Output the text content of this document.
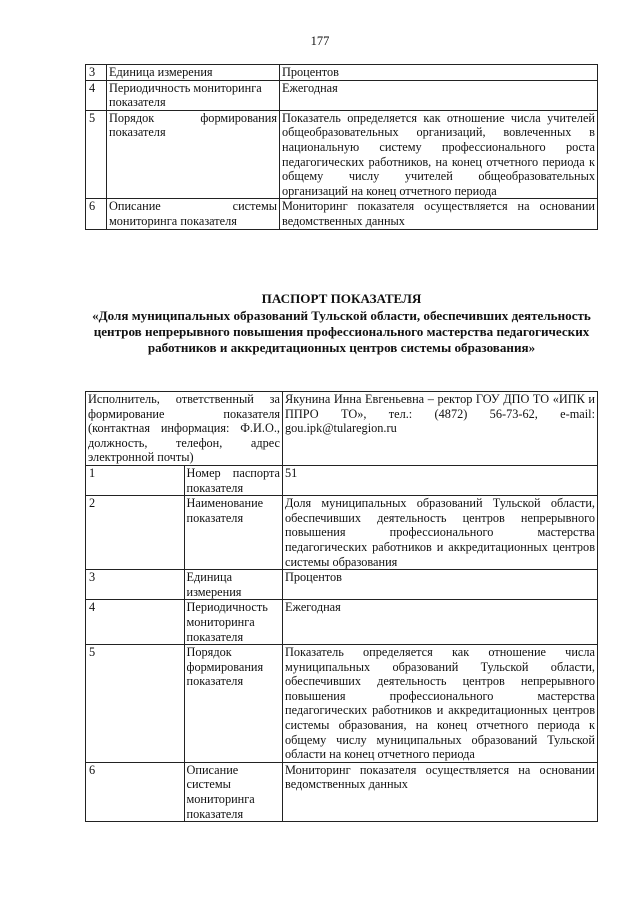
177
3	Единица измерения	Процентов
4	Периодичность мониторинга показателя	Ежегодная
5	Порядок формирования показателя	Показатель определяется как отношение числа учителей общеобразовательных организаций, вовлеченных в национальную систему профессионального роста педагогических работников, на конец отчетного периода к общему числу учителей общеобразовательных организаций на конец отчетного периода
6	Описание системы мониторинга показателя	Мониторинг показателя осуществляется на основании ведомственных данных
ПАСПОРТ ПОКАЗАТЕЛЯ
«Доля муниципальных образований Тульской области, обеспечивших деятельность центров непрерывного повышения профессионального мастерства педагогических работников и аккредитационных центров системы образования»
Исполнитель, ответственный за формирование показателя (контактная информация: Ф.И.О., должность, телефон, адрес электронной почты)		Якунина Инна Евгеньевна – ректор ГОУ ДПО ТО «ИПК и ППРО ТО», тел.: (4872) 56-73-62, e-mail: gou.ipk@tularegion.ru
1	Номер паспорта показателя	51
2	Наименование показателя	Доля муниципальных образований Тульской области, обеспечивших деятельность центров непрерывного повышения профессионального мастерства педагогических работников и аккредитационных центров системы образования
3	Единица измерения	Процентов
4	Периодичность мониторинга показателя	Ежегодная
5	Порядок формирования показателя	Показатель определяется как отношение числа муниципальных образований Тульской области, обеспечивших деятельность центров непрерывного повышения профессионального мастерства педагогических работников и аккредитационных центров системы образования, на конец отчетного периода к общему числу муниципальных образований Тульской области на конец отчетного периода
6	Описание системы мониторинга показателя	Мониторинг показателя осуществляется на основании ведомственных данных
